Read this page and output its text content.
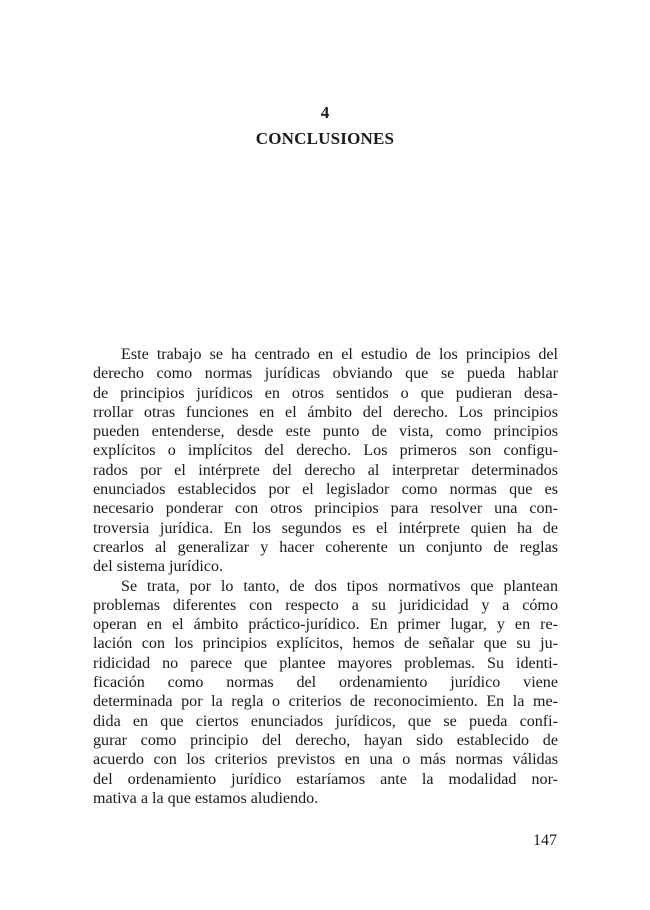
4
CONCLUSIONES
Este trabajo se ha centrado en el estudio de los principios del
derecho como normas jurídicas obviando que se pueda hablar
de principios jurídicos en otros sentidos o que pudieran desa-
rrollar otras funciones en el ámbito del derecho. Los principios
pueden entenderse, desde este punto de vista, como principios
explícitos o implícitos del derecho. Los primeros son configu-
rados por el intérprete del derecho al interpretar determinados
enunciados establecidos por el legislador como normas que es
necesario ponderar con otros principios para resolver una con-
troversia jurídica. En los segundos es el intérprete quien ha de
crearlos al generalizar y hacer coherente un conjunto de reglas
del sistema jurídico.
Se trata, por lo tanto, de dos tipos normativos que plantean
problemas diferentes con respecto a su juridicidad y a cómo
operan en el ámbito práctico-jurídico. En primer lugar, y en re-
lación con los principios explícitos, hemos de señalar que su ju-
ridicidad no parece que plantee mayores problemas. Su identi-
ficación como normas del ordenamiento jurídico viene
determinada por la regla o criterios de reconocimiento. En la me-
dida en que ciertos enunciados jurídicos, que se pueda confi-
gurar como principio del derecho, hayan sido establecido de
acuerdo con los criterios previstos en una o más normas válidas
del ordenamiento jurídico estaríamos ante la modalidad nor-
mativa a la que estamos aludiendo.
147
